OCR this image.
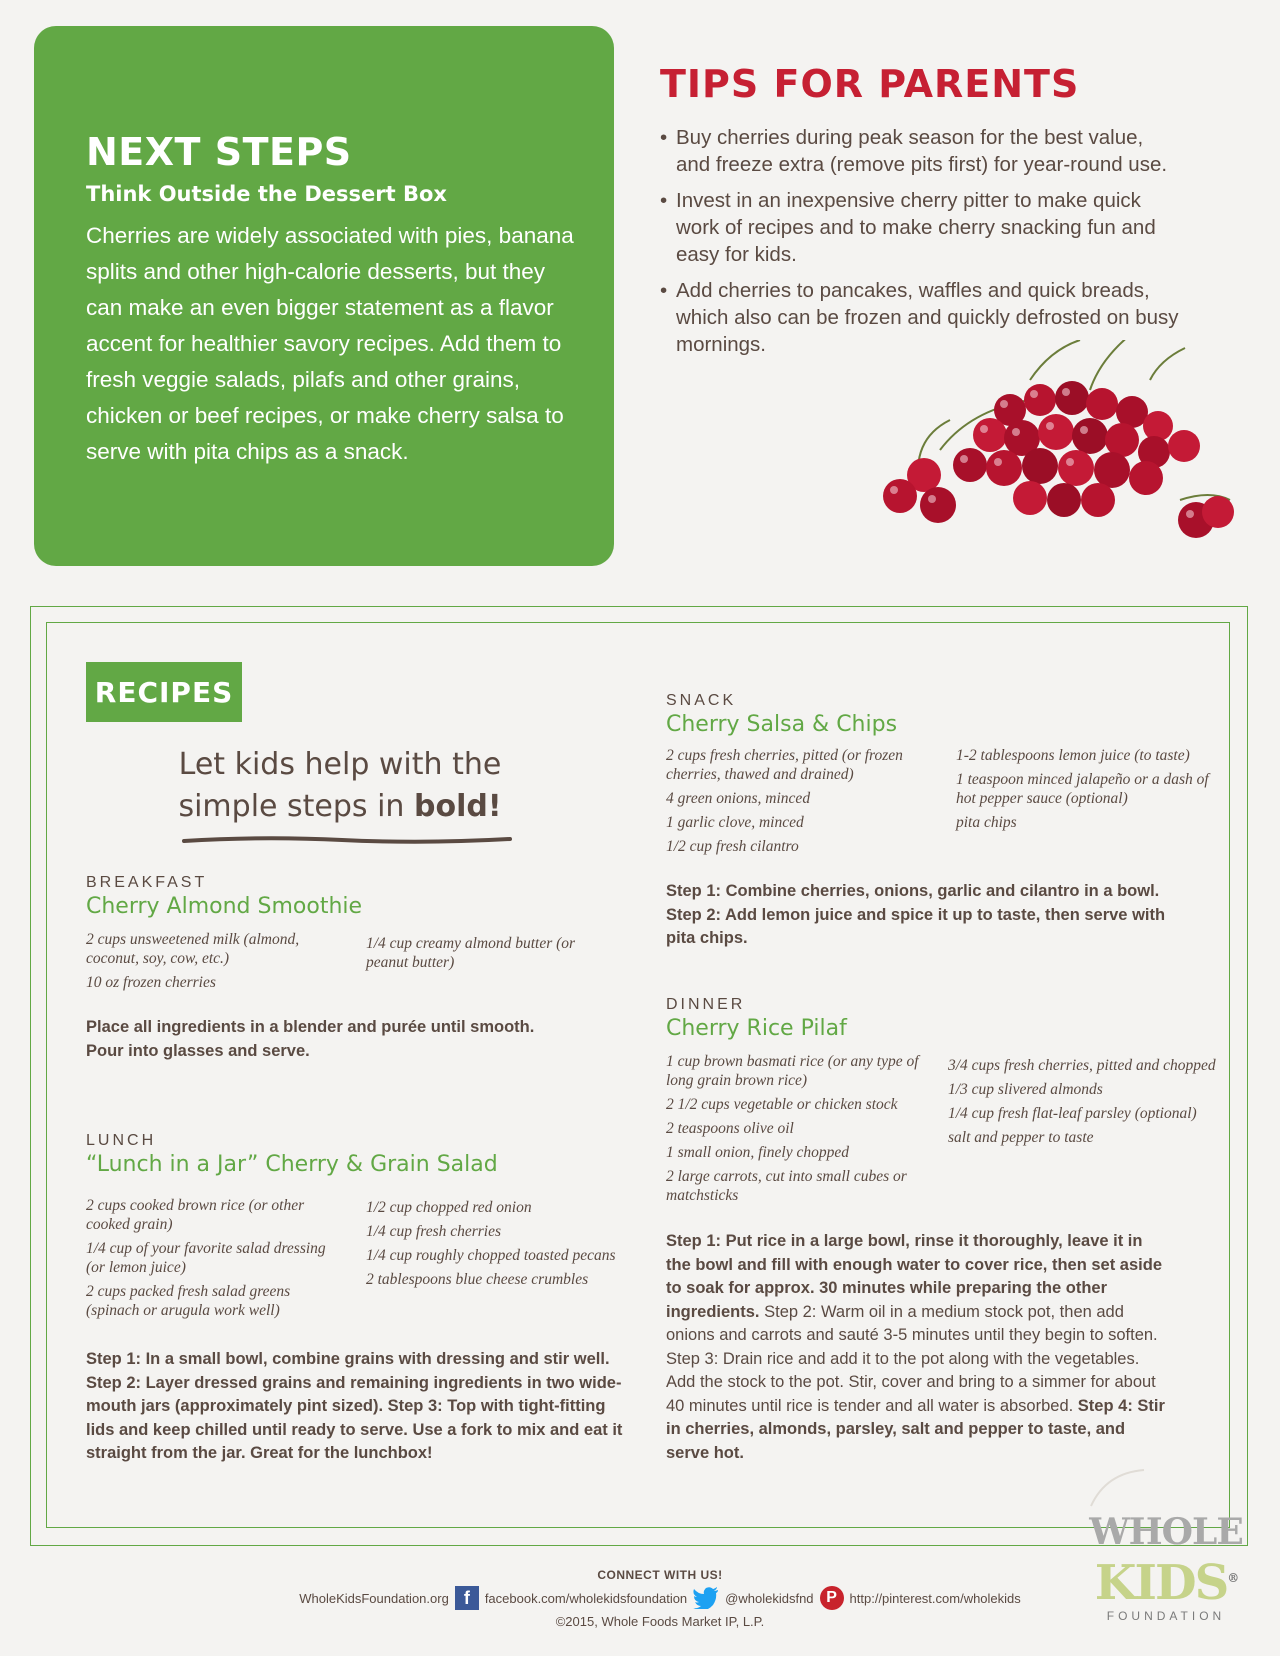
NEXT STEPS
Think Outside the Dessert Box
Cherries are widely associated with pies, banana splits and other high-calorie desserts, but they can make an even bigger statement as a flavor accent for healthier savory recipes. Add them to fresh veggie salads, pilafs and other grains, chicken or beef recipes, or make cherry salsa to serve with pita chips as a snack.
TIPS FOR PARENTS
• Buy cherries during peak season for the best value, and freeze extra (remove pits first) for year-round use.
• Invest in an inexpensive cherry pitter to make quick work of recipes and to make cherry snacking fun and easy for kids.
• Add cherries to pancakes, waffles and quick breads, which also can be frozen and quickly defrosted on busy mornings.
RECIPES
Let kids help with the
simple steps in bold!
BREAKFAST
Cherry Almond Smoothie
2 cups unsweetened milk (almond, coconut, soy, cow, etc.)
10 oz frozen cherries
1/4 cup creamy almond butter (or peanut butter)
Place all ingredients in a blender and purée until smooth. Pour into glasses and serve.
LUNCH
“Lunch in a Jar” Cherry & Grain Salad
2 cups cooked brown rice (or other cooked grain)
1/4 cup of your favorite salad dressing (or lemon juice)
2 cups packed fresh salad greens (spinach or arugula work well)
1/2 cup chopped red onion
1/4 cup fresh cherries
1/4 cup roughly chopped toasted pecans
2 tablespoons blue cheese crumbles
Step 1: In a small bowl, combine grains with dressing and stir well. Step 2: Layer dressed grains and remaining ingredients in two wide-mouth jars (approximately pint sized). Step 3: Top with tight-fitting lids and keep chilled until ready to serve. Use a fork to mix and eat it straight from the jar. Great for the lunchbox!
SNACK
Cherry Salsa & Chips
2 cups fresh cherries, pitted (or frozen cherries, thawed and drained)
4 green onions, minced
1 garlic clove, minced
1/2 cup fresh cilantro
1-2 tablespoons lemon juice (to taste)
1 teaspoon minced jalapeño or a dash of hot pepper sauce (optional)
pita chips
Step 1: Combine cherries, onions, garlic and cilantro in a bowl. Step 2: Add lemon juice and spice it up to taste, then serve with pita chips.
DINNER
Cherry Rice Pilaf
1 cup brown basmati rice (or any type of long grain brown rice)
2 1/2 cups vegetable or chicken stock
2 teaspoons olive oil
1 small onion, finely chopped
2 large carrots, cut into small cubes or matchsticks
3/4 cups fresh cherries, pitted and chopped
1/3 cup slivered almonds
1/4 cup fresh flat-leaf parsley (optional)
salt and pepper to taste
Step 1: Put rice in a large bowl, rinse it thoroughly, leave it in the bowl and fill with enough water to cover rice, then set aside to soak for approx. 30 minutes while preparing the other ingredients. Step 2: Warm oil in a medium stock pot, then add onions and carrots and sauté 3-5 minutes until they begin to soften. Step 3: Drain rice and add it to the pot along with the vegetables. Add the stock to the pot. Stir, cover and bring to a simmer for about 40 minutes until rice is tender and all water is absorbed. Step 4: Stir in cherries, almonds, parsley, salt and pepper to taste, and serve hot.
CONNECT WITH US!
WholeKidsFoundation.org f	facebook.com/wholekidsfoundation	@wholekidsfnd P http://pinterest.com/wholekids
©2015, Whole Foods Market IP, L.P.
WHOLE
KIDS®
FOUNDATION
